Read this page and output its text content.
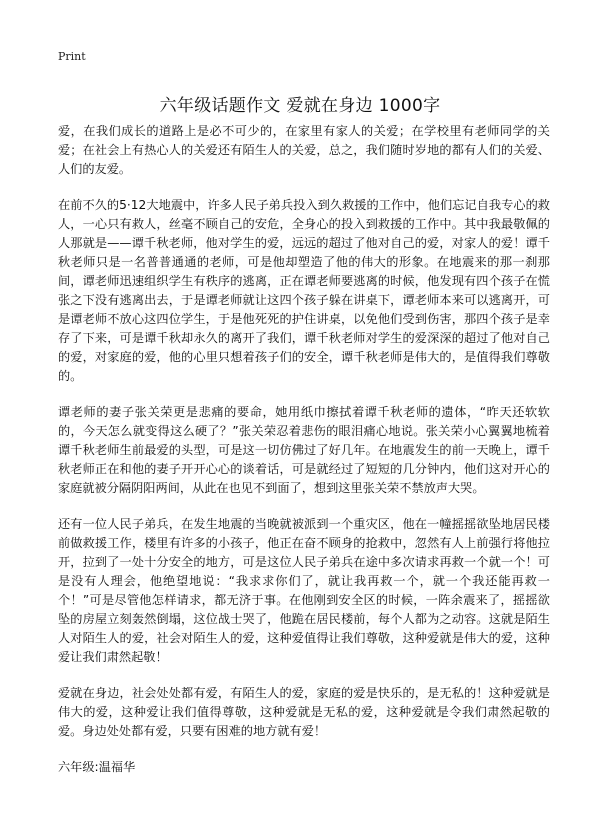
Print
六年级话题作文 爱就在身边 1000字

爱，在我们成长的道路上是必不可少的，在家里有家人的关爱；在学校里有老师同学的关爱；在社会上有热心人的关爱还有陌生人的关爱，总之，我们随时岁地的都有人们的关爱、人们的友爱。

在前不久的5·12大地震中，许多人民子弟兵投入到久救援的工作中，他们忘记自我专心的救人，一心只有救人，丝毫不顾自己的安危，全身心的投入到救援的工作中。其中我最敬佩的人那就是——谭千秋老师，他对学生的爱，远远的超过了他对自己的爱，对家人的爱！谭千秋老师只是一名普普通通的老师，可是他却塑造了他的伟大的形象。在地震来的那一刹那间，谭老师迅速组织学生有秩序的逃离，正在谭老师要逃离的时候，他发现有四个孩子在慌张之下没有逃离出去，于是谭老师就让这四个孩子躲在讲桌下，谭老师本来可以逃离开，可是谭老师不放心这四位学生，于是他死死的护住讲桌，以免他们受到伤害，那四个孩子是幸存了下来，可是谭千秋却永久的离开了我们，谭千秋老师对学生的爱深深的超过了他对自己的爱，对家庭的爱，他的心里只想着孩子们的安全，谭千秋老师是伟大的，是值得我们尊敬的。

谭老师的妻子张关荣更是悲痛的要命，她用纸巾擦拭着谭千秋老师的遗体，“昨天还软软的，今天怎么就变得这么硬了？”张关荣忍着悲伤的眼泪痛心地说。张关荣小心翼翼地梳着谭千秋老师生前最爱的头型，可是这一切仿佛过了好几年。在地震发生的前一天晚上，谭千秋老师正在和他的妻子开开心心的谈着话，可是就经过了短短的几分钟内，他们这对开心的家庭就被分隔阴阳两间，从此在也见不到面了，想到这里张关荣不禁放声大哭。

还有一位人民子弟兵，在发生地震的当晚就被派到一个重灾区，他在一幢摇摇欲坠地居民楼前做救援工作，楼里有许多的小孩子，他正在奋不顾身的抢救中，忽然有人上前强行将他拉开，拉到了一处十分安全的地方，可是这位人民子弟兵在途中多次请求再救一个就一个！可是没有人理会，他绝望地说：“我求求你们了，就让我再救一个，就一个我还能再救一个！”可是尽管他怎样请求，都无济于事。在他刚到安全区的时候，一阵余震来了，摇摇欲坠的房屋立刻轰然倒塌，这位战士哭了，他跪在居民楼前，每个人都为之动容。这就是陌生人对陌生人的爱，社会对陌生人的爱，这种爱值得让我们尊敬，这种爱就是伟大的爱，这种爱让我们肃然起敬！

爱就在身边，社会处处都有爱，有陌生人的爱，家庭的爱是快乐的，是无私的！这种爱就是伟大的爱，这种爱让我们值得尊敬，这种爱就是无私的爱，这种爱就是令我们肃然起敬的爱。身边处处都有爱，只要有困难的地方就有爱！

六年级:温福华
